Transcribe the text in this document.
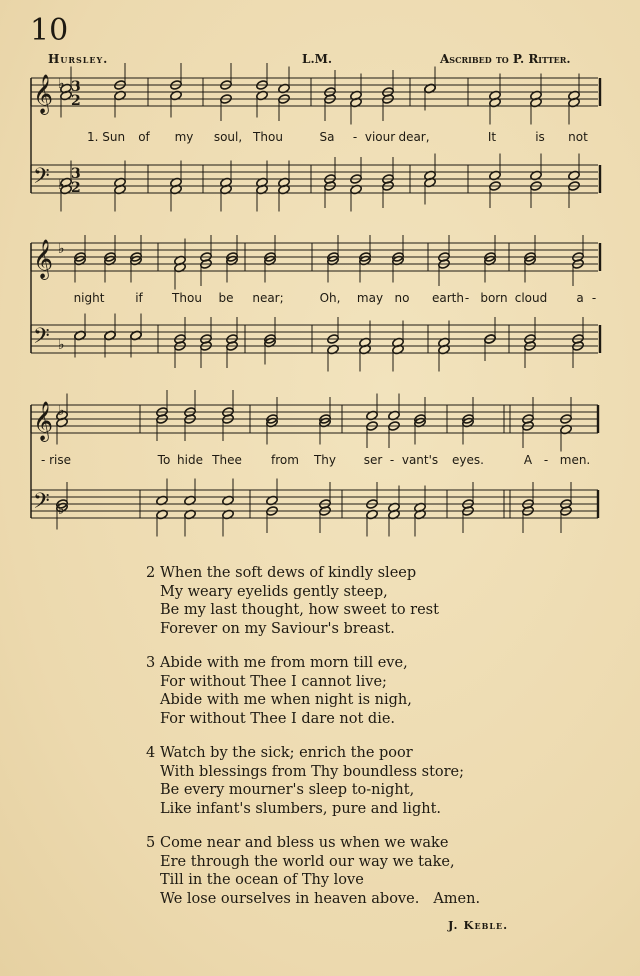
10
Hursley.	L.M.	Ascribed to P. Ritter.
𝄞 ♭
𝄢 ♭
3
2
3
2
𝄞 ♭
𝄢 ♭
𝄞 ♭
𝄢 ♭
1. Sun of my soul, Thou	Sa - viour dear,	It	is not
night	if Thou be near;	Oh, may no earth - born cloud a -
- rise	To hide Thee from Thy ser - vant's eyes.	A - men.
2 When the soft dews of kindly sleep
My weary eyelids gently steep,
Be my last thought, how sweet to rest
Forever on my Saviour's breast.
3 Abide with me from morn till eve,
For without Thee I cannot live;
Abide with me when night is nigh,
For without Thee I dare not die.
4 Watch by the sick; enrich the poor
With blessings from Thy boundless store;
Be every mourner's sleep to-night,
Like infant's slumbers, pure and light.
5 Come near and bless us when we wake
Ere through the world our way we take,
Till in the ocean of Thy love
We lose ourselves in heaven above. Amen.
J. Keble.
